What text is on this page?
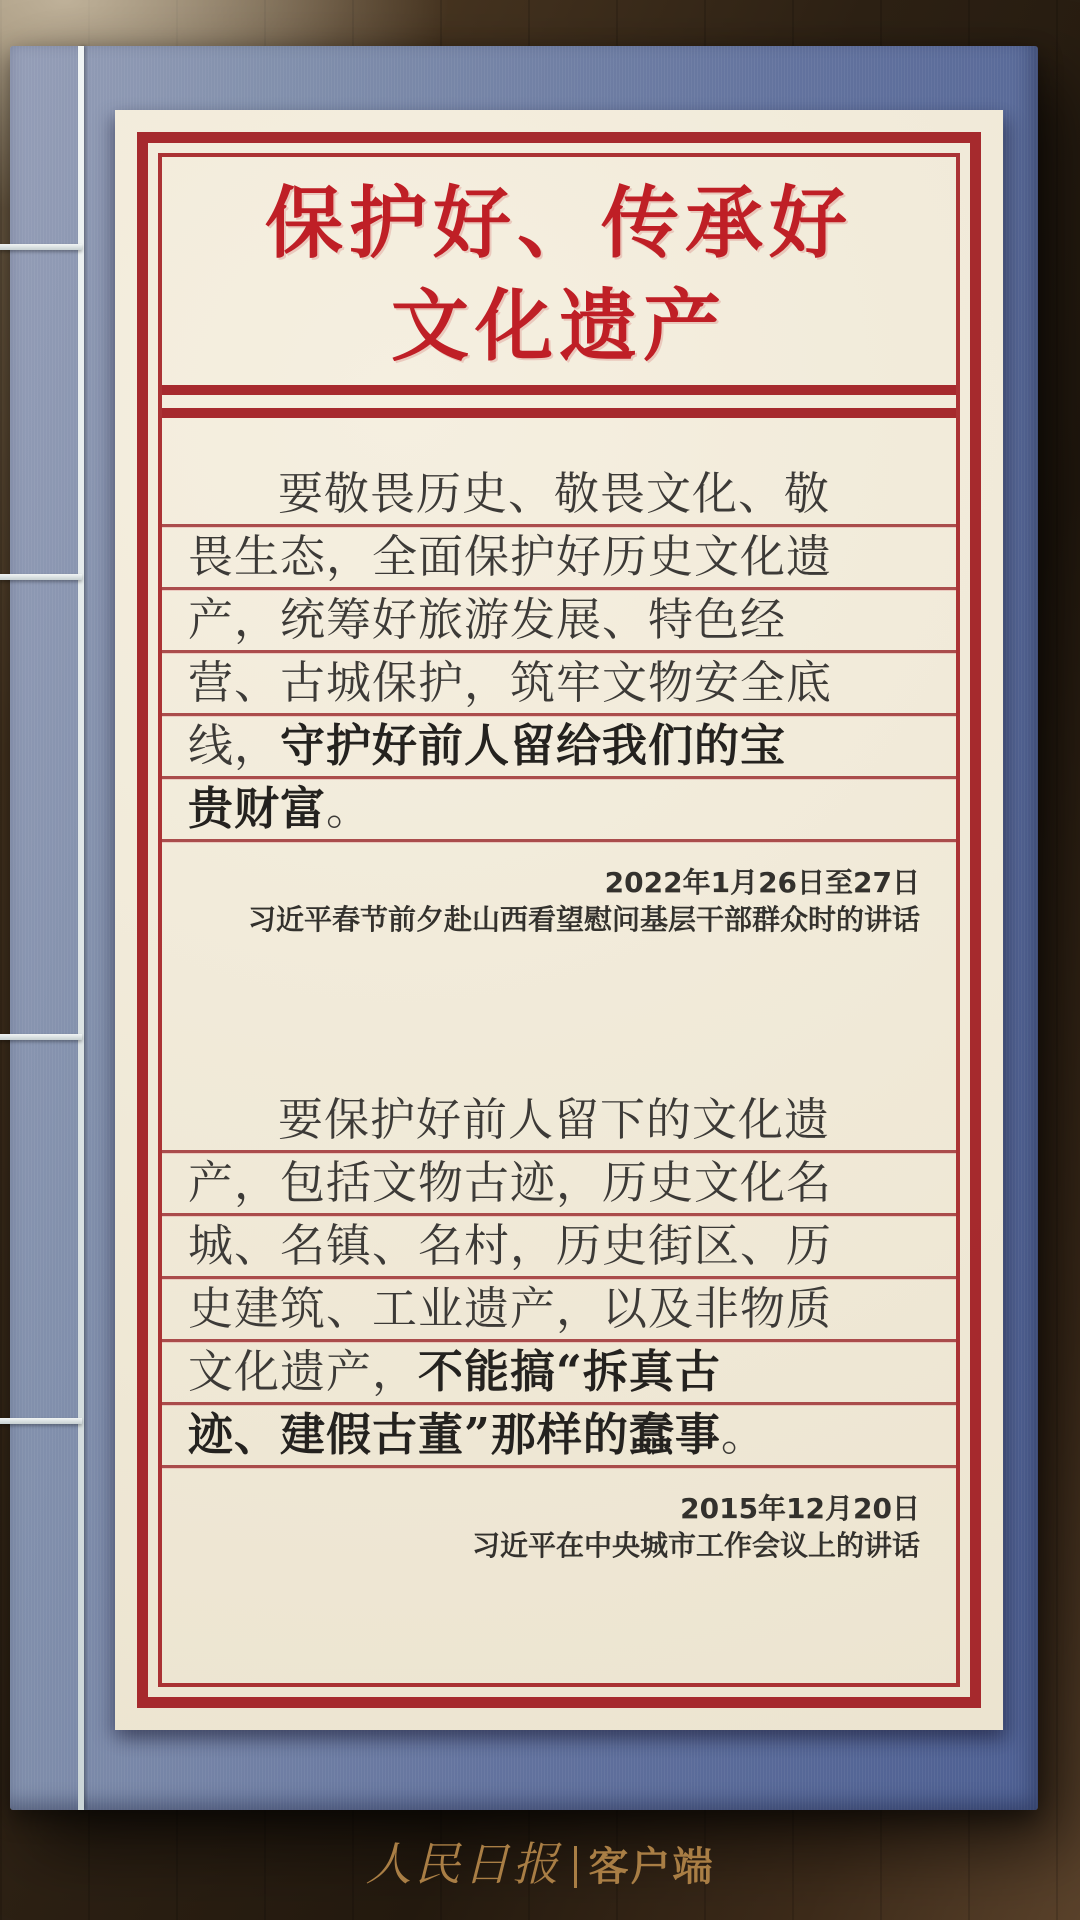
保护好、传承好
文化遗产
要敬畏历史、敬畏文化、敬
畏生态，全面保护好历史文化遗
产，统筹好旅游发展、特色经
营、古城保护，筑牢文物安全底
线，守护好前人留给我们的宝
贵财富。
2022年1月26日至27日
习近平春节前夕赴山西看望慰问基层干部群众时的讲话
要保护好前人留下的文化遗
产，包括文物古迹，历史文化名
城、名镇、名村，历史街区、历
史建筑、工业遗产，以及非物质
文化遗产，不能搞“拆真古
迹、建假古董”那样的蠢事。
2015年12月20日
习近平在中央城市工作会议上的讲话
人民日报 客户端
